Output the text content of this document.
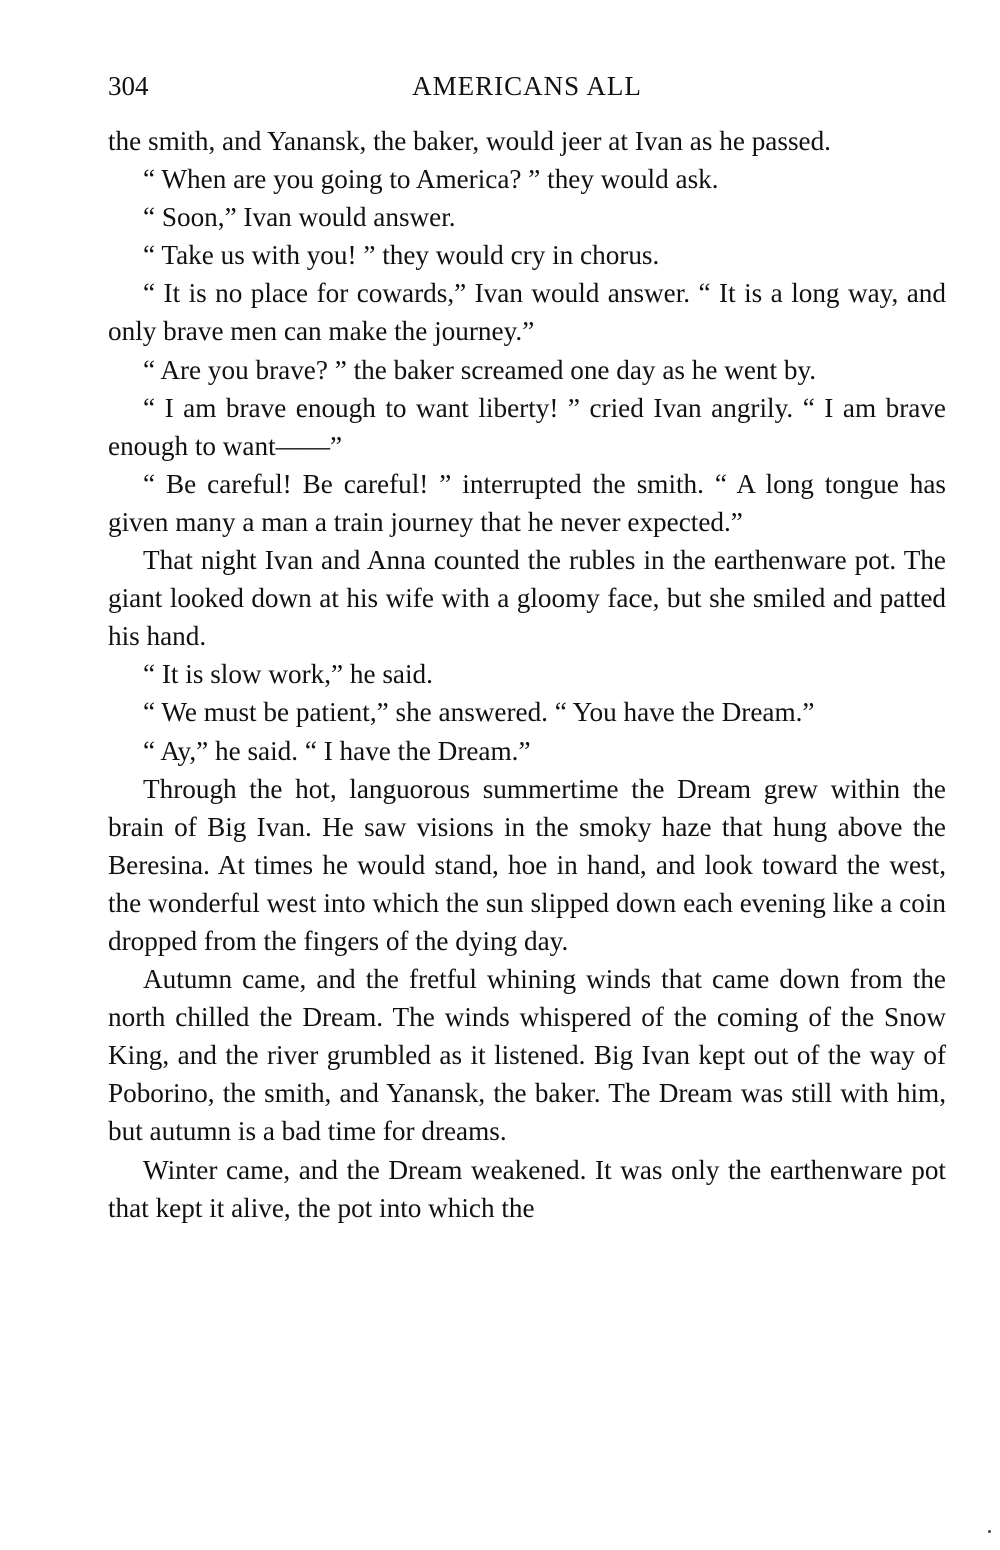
304	AMERICANS ALL

the smith, and Yanansk, the baker, would jeer at Ivan as he passed.

“ When are you going to America? ” they would ask.

“ Soon,” Ivan would answer.

“ Take us with you! ” they would cry in chorus.

“ It is no place for cowards,” Ivan would answer. “ It is a long way, and only brave men can make the journey.”

“ Are you brave? ” the baker screamed one day as he went by.

“ I am brave enough to want liberty! ” cried Ivan angrily. “ I am brave enough to want——”

“ Be careful! Be careful! ” interrupted the smith. “ A long tongue has given many a man a train journey that he never expected.”

That night Ivan and Anna counted the rubles in the earthenware pot. The giant looked down at his wife with a gloomy face, but she smiled and patted his hand.

“ It is slow work,” he said.

“ We must be patient,” she answered. “ You have the Dream.”

“ Ay,” he said. “ I have the Dream.”

Through the hot, languorous summertime the Dream grew within the brain of Big Ivan. He saw visions in the smoky haze that hung above the Beresina. At times he would stand, hoe in hand, and look toward the west, the wonderful west into which the sun slipped down each evening like a coin dropped from the fingers of the dying day.

Autumn came, and the fretful whining winds that came down from the north chilled the Dream. The winds whispered of the coming of the Snow King, and the river grumbled as it listened. Big Ivan kept out of the way of Poborino, the smith, and Yanansk, the baker. The Dream was still with him, but autumn is a bad time for dreams.

Winter came, and the Dream weakened. It was only the earthenware pot that kept it alive, the pot into which the
